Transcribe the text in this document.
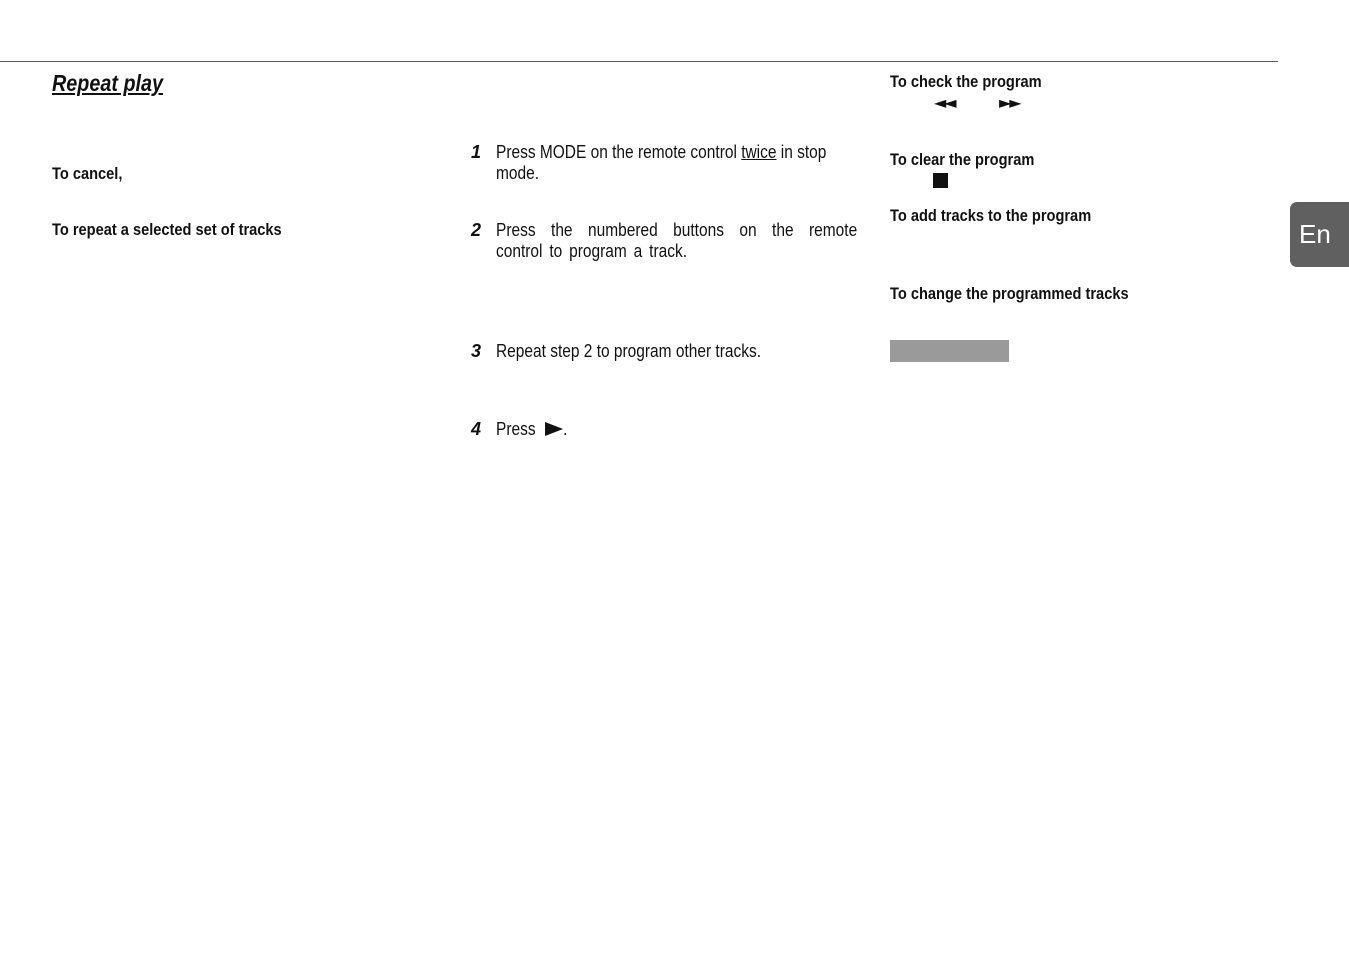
Repeat play
To cancel,
To repeat a selected set of tracks
1 Press MODE on the remote control twice in stop mode.
2 Press the numbered buttons on the remote control to program a track.
3 Repeat step 2 to program other tracks.
4 Press .
To check the program
◄◄	►►
To clear the program
To add tracks to the program
To change the programmed tracks
En
